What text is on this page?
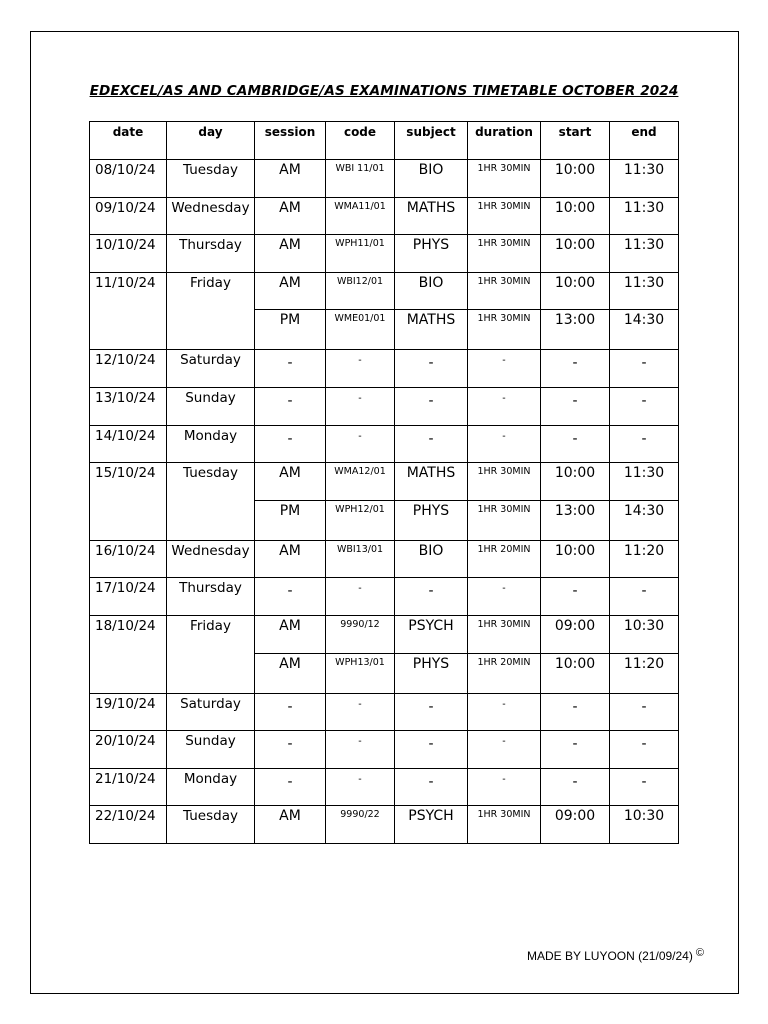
EDEXCEL/AS AND CAMBRIDGE/AS EXAMINATIONS TIMETABLE OCTOBER 2024
date	day	session	code	subject	duration	start	end
08/10/24	Tuesday	AM	WBI 11/01	BIO	1HR 30MIN	10:00	11:30
09/10/24	Wednesday	AM	WMA11/01	MATHS	1HR 30MIN	10:00	11:30
10/10/24	Thursday	AM	WPH11/01	PHYS	1HR 30MIN	10:00	11:30
11/10/24	Friday	AM	WBI12/01	BIO	1HR 30MIN	10:00	11:30
		PM	WME01/01	MATHS	1HR 30MIN	13:00	14:30
12/10/24	Saturday	-	-	-	-	-	-
13/10/24	Sunday	-	-	-	-	-	-
14/10/24	Monday	-	-	-	-	-	-
15/10/24	Tuesday	AM	WMA12/01	MATHS	1HR 30MIN	10:00	11:30
		PM	WPH12/01	PHYS	1HR 30MIN	13:00	14:30
16/10/24	Wednesday	AM	WBI13/01	BIO	1HR 20MIN	10:00	11:20
17/10/24	Thursday	-	-	-	-	-	-
18/10/24	Friday	AM	9990/12	PSYCH	1HR 30MIN	09:00	10:30
		AM	WPH13/01	PHYS	1HR 20MIN	10:00	11:20
19/10/24	Saturday	-	-	-	-	-	-
20/10/24	Sunday	-	-	-	-	-	-
21/10/24	Monday	-	-	-	-	-	-
22/10/24	Tuesday	AM	9990/22	PSYCH	1HR 30MIN	09:00	10:30
MADE BY LUYOON (21/09/24) ©
